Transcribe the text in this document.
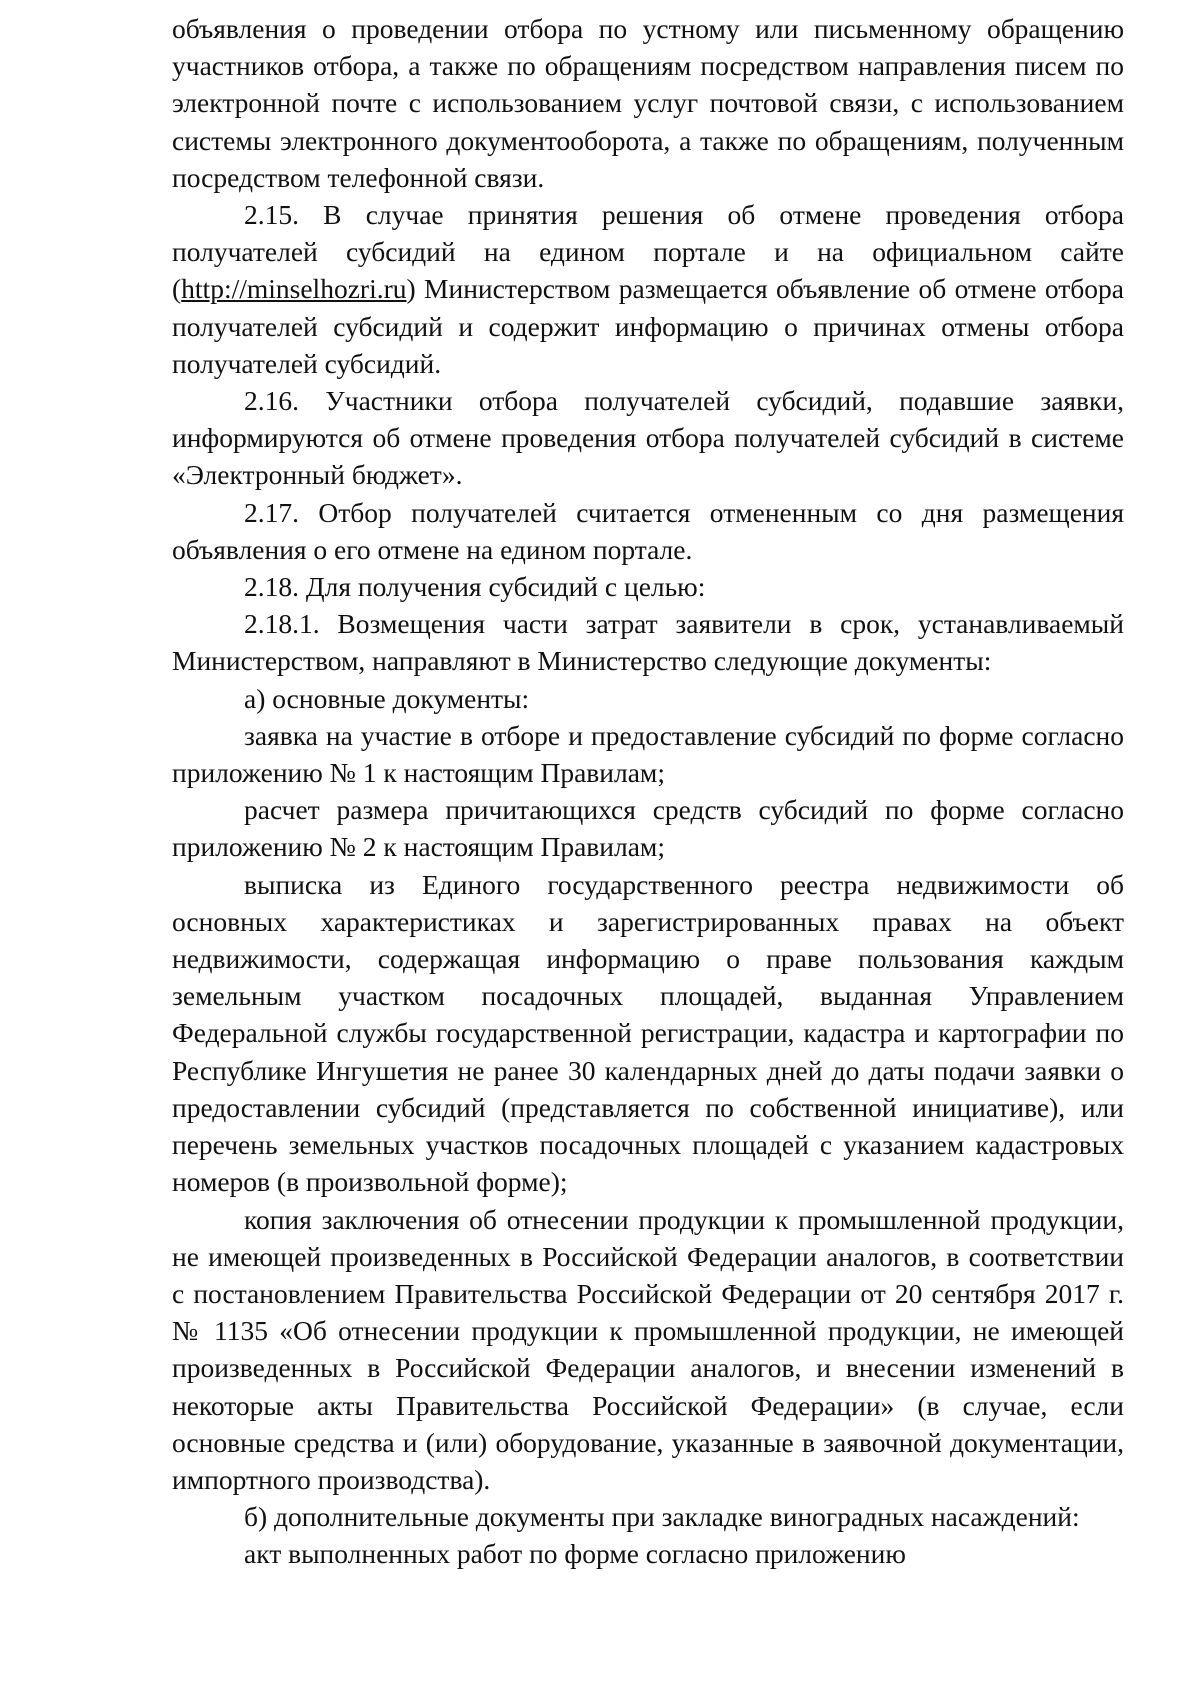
объявления о проведении отбора по устному или письменному обращению участников отбора, а также по обращениям посредством направления писем по электронной почте с использованием услуг почтовой связи, с использованием системы электронного документооборота, а также по обращениям, полученным посредством телефонной связи.

2.15. В случае принятия решения об отмене проведения отбора получателей субсидий на едином портале и на официальном сайте (http://minselhozri.ru) Министерством размещается объявление об отмене отбора получателей субсидий и содержит информацию о причинах отмены отбора получателей субсидий.

2.16. Участники отбора получателей субсидий, подавшие заявки, информируются об отмене проведения отбора получателей субсидий в системе «Электронный бюджет».

2.17. Отбор получателей считается отмененным со дня размещения объявления о его отмене на едином портале.

2.18. Для получения субсидий с целью:

2.18.1. Возмещения части затрат заявители в срок, устанавливаемый Министерством, направляют в Министерство следующие документы:

а) основные документы:

заявка на участие в отборе и предоставление субсидий по форме согласно приложению № 1 к настоящим Правилам;

расчет размера причитающихся средств субсидий по форме согласно приложению № 2 к настоящим Правилам;

выписка из Единого государственного реестра недвижимости об основных характеристиках и зарегистрированных правах на объект недвижимости, содержащая информацию о праве пользования каждым земельным участком посадочных площадей, выданная Управлением Федеральной службы государственной регистрации, кадастра и картографии по Республике Ингушетия не ранее 30 календарных дней до даты подачи заявки о предоставлении субсидий (представляется по собственной инициативе), или перечень земельных участков посадочных площадей с указанием кадастровых номеров (в произвольной форме);

копия заключения об отнесении продукции к промышленной продукции, не имеющей произведенных в Российской Федерации аналогов, в соответствии с постановлением Правительства Российской Федерации от 20 сентября 2017 г. № 1135 «Об отнесении продукции к промышленной продукции, не имеющей произведенных в Российской Федерации аналогов, и внесении изменений в некоторые акты Правительства Российской Федерации» (в случае, если основные средства и (или) оборудование, указанные в заявочной документации, импортного производства).

б) дополнительные документы при закладке виноградных насаждений:

акт выполненных работ по форме согласно приложению
